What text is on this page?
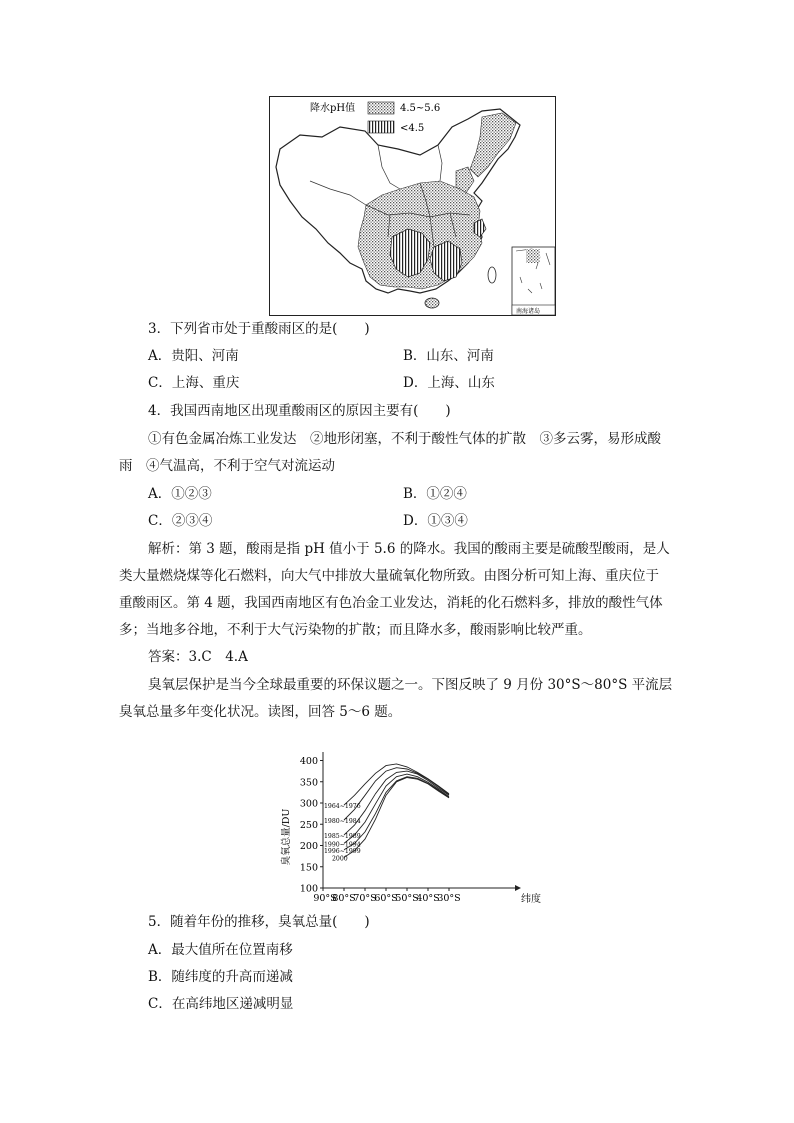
降水pH值	4.5~5.6
<4.5
南海诸岛
3．下列省市处于重酸雨区的是(　　)
A．贵阳、河南	B．山东、河南
C．上海、重庆	D．上海、山东
4．我国西南地区出现重酸雨区的原因主要有(　　)
①有色金属冶炼工业发达　②地形闭塞，不利于酸性气体的扩散　③多云雾，易形成酸
雨　④气温高，不利于空气对流运动
A．①②③	B．①②④
C．②③④	D．①③④
解析：第 3 题，酸雨是指 pH 值小于 5.6 的降水。我国的酸雨主要是硫酸型酸雨，是人
类大量燃烧煤等化石燃料，向大气中排放大量硫氧化物所致。由图分析可知上海、重庆位于
重酸雨区。第 4 题，我国西南地区有色冶金工业发达，消耗的化石燃料多，排放的酸性气体
多；当地多谷地，不利于大气污染物的扩散；而且降水多，酸雨影响比较严重。
答案：3.C　4.A
臭氧层保护是当今全球最重要的环保议题之一。下图反映了 9 月份 30°S～80°S 平流层
臭氧总量多年变化状况。读图，回答 5～6 题。
100
150
200
250
300
350
400
90°S
80°S
70°S
60°S
50°S
40°S
30°S
1964~1976
1980~1984
1985~1989
1990~1994
1996~1999
2000
臭氧总量/DU
纬度
5．随着年份的推移，臭氧总量(　　)
A．最大值所在位置南移
B．随纬度的升高而递减
C．在高纬地区递减明显
